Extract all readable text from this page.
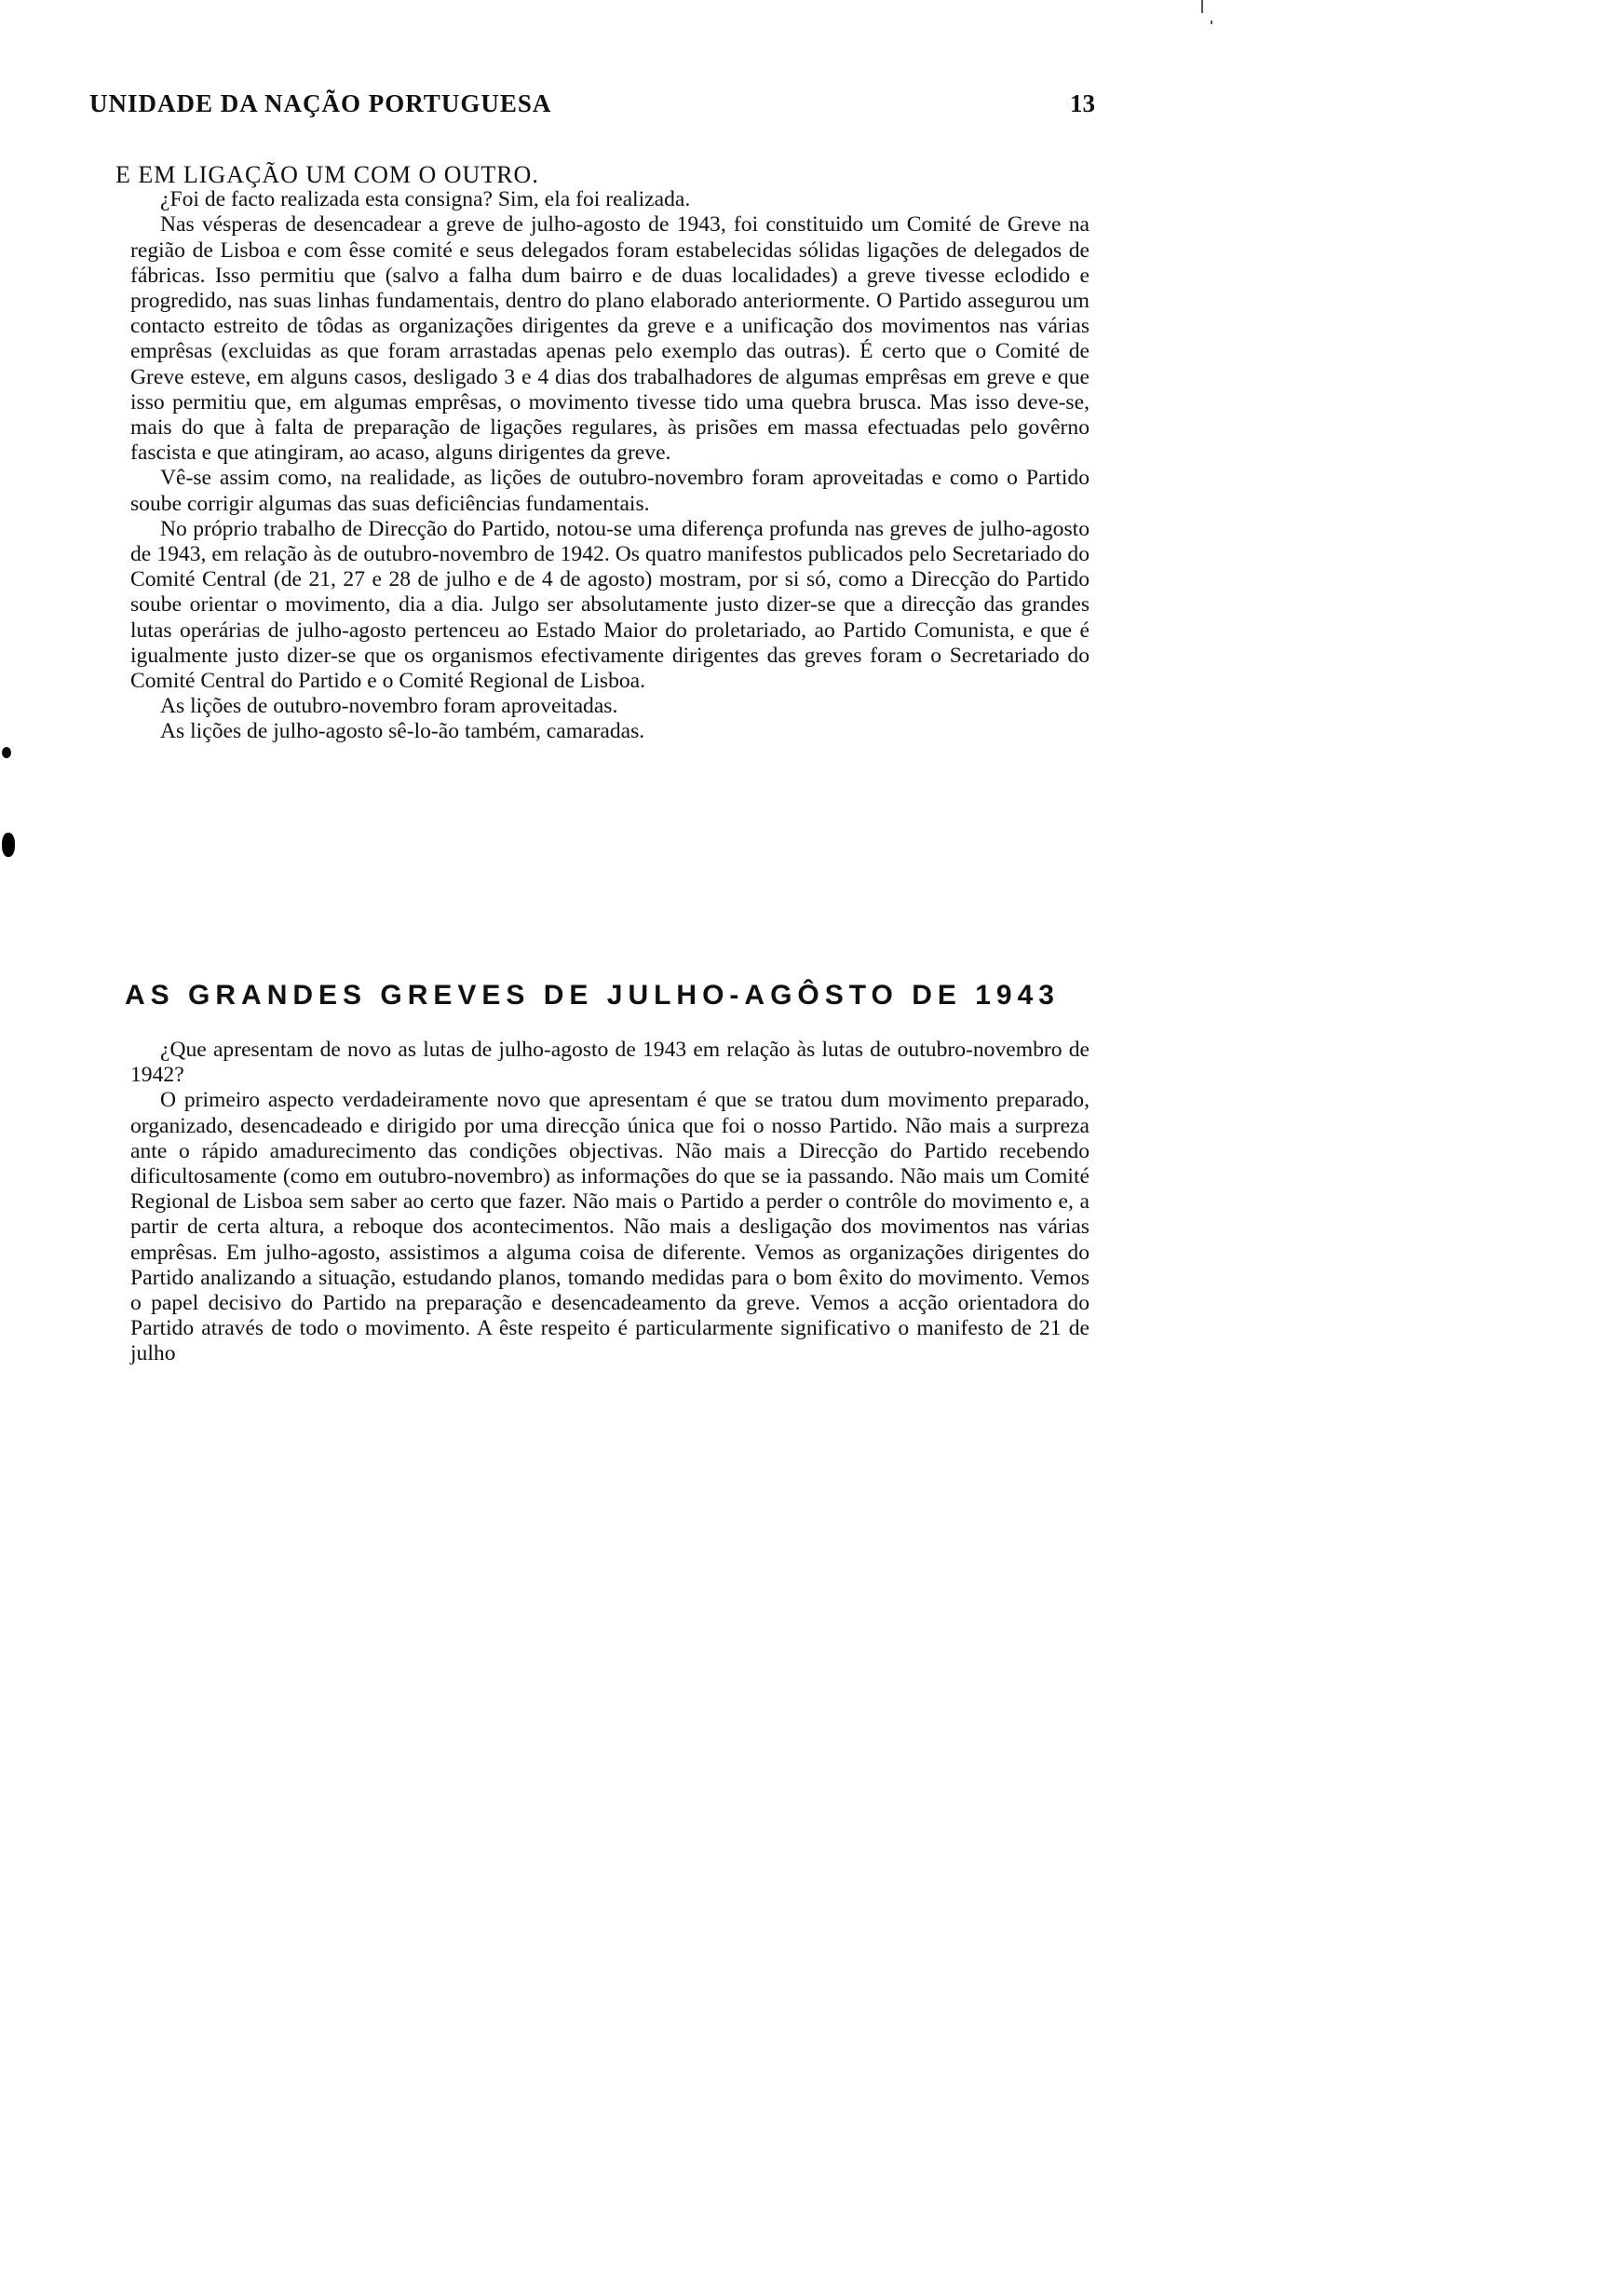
UNIDADE DA NAÇÃO PORTUGUESA	13

E EM LIGAÇÃO UM COM O OUTRO.

¿Foi de facto realizada esta consigna? Sim, ela foi realizada.

Nas vésperas de desencadear a greve de julho-agosto de 1943, foi constituido um Comité de Greve na região de Lisboa e com êsse comité e seus delegados foram estabelecidas sólidas ligações de delegados de fábricas. Isso permitiu que (salvo a falha dum bairro e de duas localidades) a greve tivesse eclodido e progredido, nas suas linhas fundamentais, dentro do plano elaborado anteriormente. O Partido assegurou um contacto estreito de tôdas as organizações dirigentes da greve e a unificação dos movimentos nas várias emprêsas (excluidas as que foram arrastadas apenas pelo exemplo das outras). É certo que o Comité de Greve esteve, em alguns casos, desligado 3 e 4 dias dos trabalhadores de algumas emprêsas em greve e que isso permitiu que, em algumas emprêsas, o movimento tivesse tido uma quebra brusca. Mas isso deve-se, mais do que à falta de preparação de ligações regulares, às prisões em massa efectuadas pelo govêrno fascista e que atingiram, ao acaso, alguns dirigentes da greve.

Vê-se assim como, na realidade, as lições de outubro-novembro foram aproveitadas e como o Partido soube corrigir algumas das suas deficiências fundamentais.

No próprio trabalho de Direcção do Partido, notou-se uma diferença profunda nas greves de julho-agosto de 1943, em relação às de outubro-novembro de 1942. Os quatro manifestos publicados pelo Secretariado do Comité Central (de 21, 27 e 28 de julho e de 4 de agosto) mostram, por si só, como a Direcção do Partido soube orientar o movimento, dia a dia. Julgo ser absolutamente justo dizer-se que a direcção das grandes lutas operárias de julho-agosto pertenceu ao Estado Maior do proletariado, ao Partido Comunista, e que é igualmente justo dizer-se que os organismos efectivamente dirigentes das greves foram o Secretariado do Comité Central do Partido e o Comité Regional de Lisboa.

As lições de outubro-novembro foram aproveitadas.

As lições de julho-agosto sê-lo-ão também, camaradas.

AS GRANDES GREVES DE JULHO-AGÔSTO DE 1943

¿Que apresentam de novo as lutas de julho-agosto de 1943 em relação às lutas de outubro-novembro de 1942?

O primeiro aspecto verdadeiramente novo que apresentam é que se tratou dum movimento preparado, organizado, desencadeado e dirigido por uma direcção única que foi o nosso Partido. Não mais a surpreza ante o rápido amadurecimento das condições objectivas. Não mais a Direcção do Partido recebendo dificultosamente (como em outubro-novembro) as informações do que se ia passando. Não mais um Comité Regional de Lisboa sem saber ao certo que fazer. Não mais o Partido a perder o contrôle do movimento e, a partir de certa altura, a reboque dos acontecimentos. Não mais a desligação dos movimentos nas várias emprêsas. Em julho-agosto, assistimos a alguma coisa de diferente. Vemos as organizações dirigentes do Partido analizando a situação, estudando planos, tomando medidas para o bom êxito do movimento. Vemos o papel decisivo do Partido na preparação e desencadeamento da greve. Vemos a acção orientadora do Partido através de todo o movimento. A êste respeito é particularmente significativo o manifesto de 21 de julho
